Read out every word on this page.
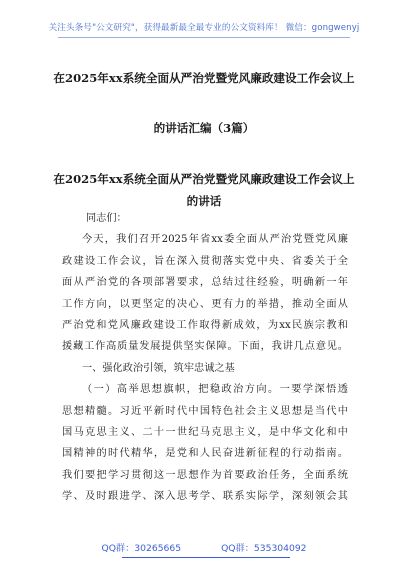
关注头条号"公文研究"，获得最新最全最专业的公文资料库！ 微信：gongwenyj
在2025年xx系统全面从严治党暨党风廉政建设工作会议上
的讲话汇编（3篇）
在2025年xx系统全面从严治党暨党风廉政建设工作会议上
的讲话
同志们：
今天，我们召开2025年省xx委全面从严治党暨党风廉
政建设工作会议，旨在深入贯彻落实党中央、省委关于全
面从严治党的各项部署要求，总结过往经验，明确新一年
工作方向，以更坚定的决心、更有力的举措，推动全面从
严治党和党风廉政建设工作取得新成效，为xx民族宗教和
援藏工作高质量发展提供坚实保障。下面，我讲几点意见。
一、强化政治引领，筑牢忠诚之基
（一）高举思想旗帜，把稳政治方向。一要学深悟透
思想精髓。习近平新时代中国特色社会主义思想是当代中
国马克思主义、二十一世纪马克思主义，是中华文化和中
国精神的时代精华，是党和人民奋进新征程的行动指南。
我们要把学习贯彻这一思想作为首要政治任务，全面系统
学、及时跟进学、深入思考学、联系实际学，深刻领会其
QQ群：30265665	QQ群：535304092
